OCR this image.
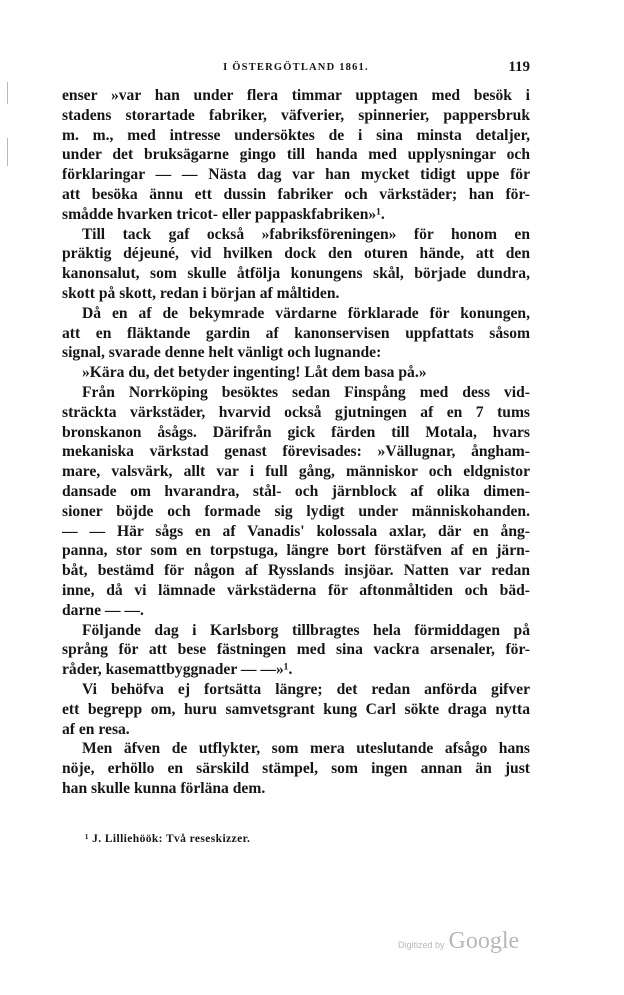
I ÖSTERGÖTLAND 1861.	119
enser »var han under flera timmar upptagen med besök i
stadens storartade fabriker, väfverier, spinnerier, pappersbruk
m. m., med intresse undersöktes de i sina minsta detaljer,
under det bruksägarne gingo till handa med upplysningar och
förklaringar — — Nästa dag var han mycket tidigt uppe för
att besöka ännu ett dussin fabriker och värkstäder; han för-
smådde hvarken tricot- eller pappaskfabriken»¹.
Till tack gaf också »fabriksföreningen» för honom en
präktig déjeuné, vid hvilken dock den oturen hände, att den
kanonsalut, som skulle åtfölja konungens skål, började dundra,
skott på skott, redan i början af måltiden.
Då en af de bekymrade värdarne förklarade för konungen,
att en fläktande gardin af kanonservisen uppfattats såsom
signal, svarade denne helt vänligt och lugnande:
»Kära du, det betyder ingenting! Låt dem basa på.»
Från Norrköping besöktes sedan Finspång med dess vid-
sträckta värkstäder, hvarvid också gjutningen af en 7 tums
bronskanon åsågs. Därifrån gick färden till Motala, hvars
mekaniska värkstad genast förevisades: »Vällugnar, ångham-
mare, valsvärk, allt var i full gång, människor och eldgnistor
dansade om hvarandra, stål- och järnblock af olika dimen-
sioner böjde och formade sig lydigt under människohanden.
— — Här sågs en af Vanadis' kolossala axlar, där en ång-
panna, stor som en torpstuga, längre bort förstäfven af en järn-
båt, bestämd för någon af Rysslands insjöar. Natten var redan
inne, då vi lämnade värkstäderna för aftonmåltiden och bäd-
darne — —.
Följande dag i Karlsborg tillbragtes hela förmiddagen på
språng för att bese fästningen med sina vackra arsenaler, för-
råder, kasemattbyggnader — —»¹.
Vi behöfva ej fortsätta längre; det redan anförda gifver
ett begrepp om, huru samvetsgrant kung Carl sökte draga nytta
af en resa.
Men äfven de utflykter, som mera uteslutande afsågo hans
nöje, erhöllo en särskild stämpel, som ingen annan än just
han skulle kunna förläna dem.
¹ J. Lilliehöök: Två reseskizzer.
Digitized by Google
